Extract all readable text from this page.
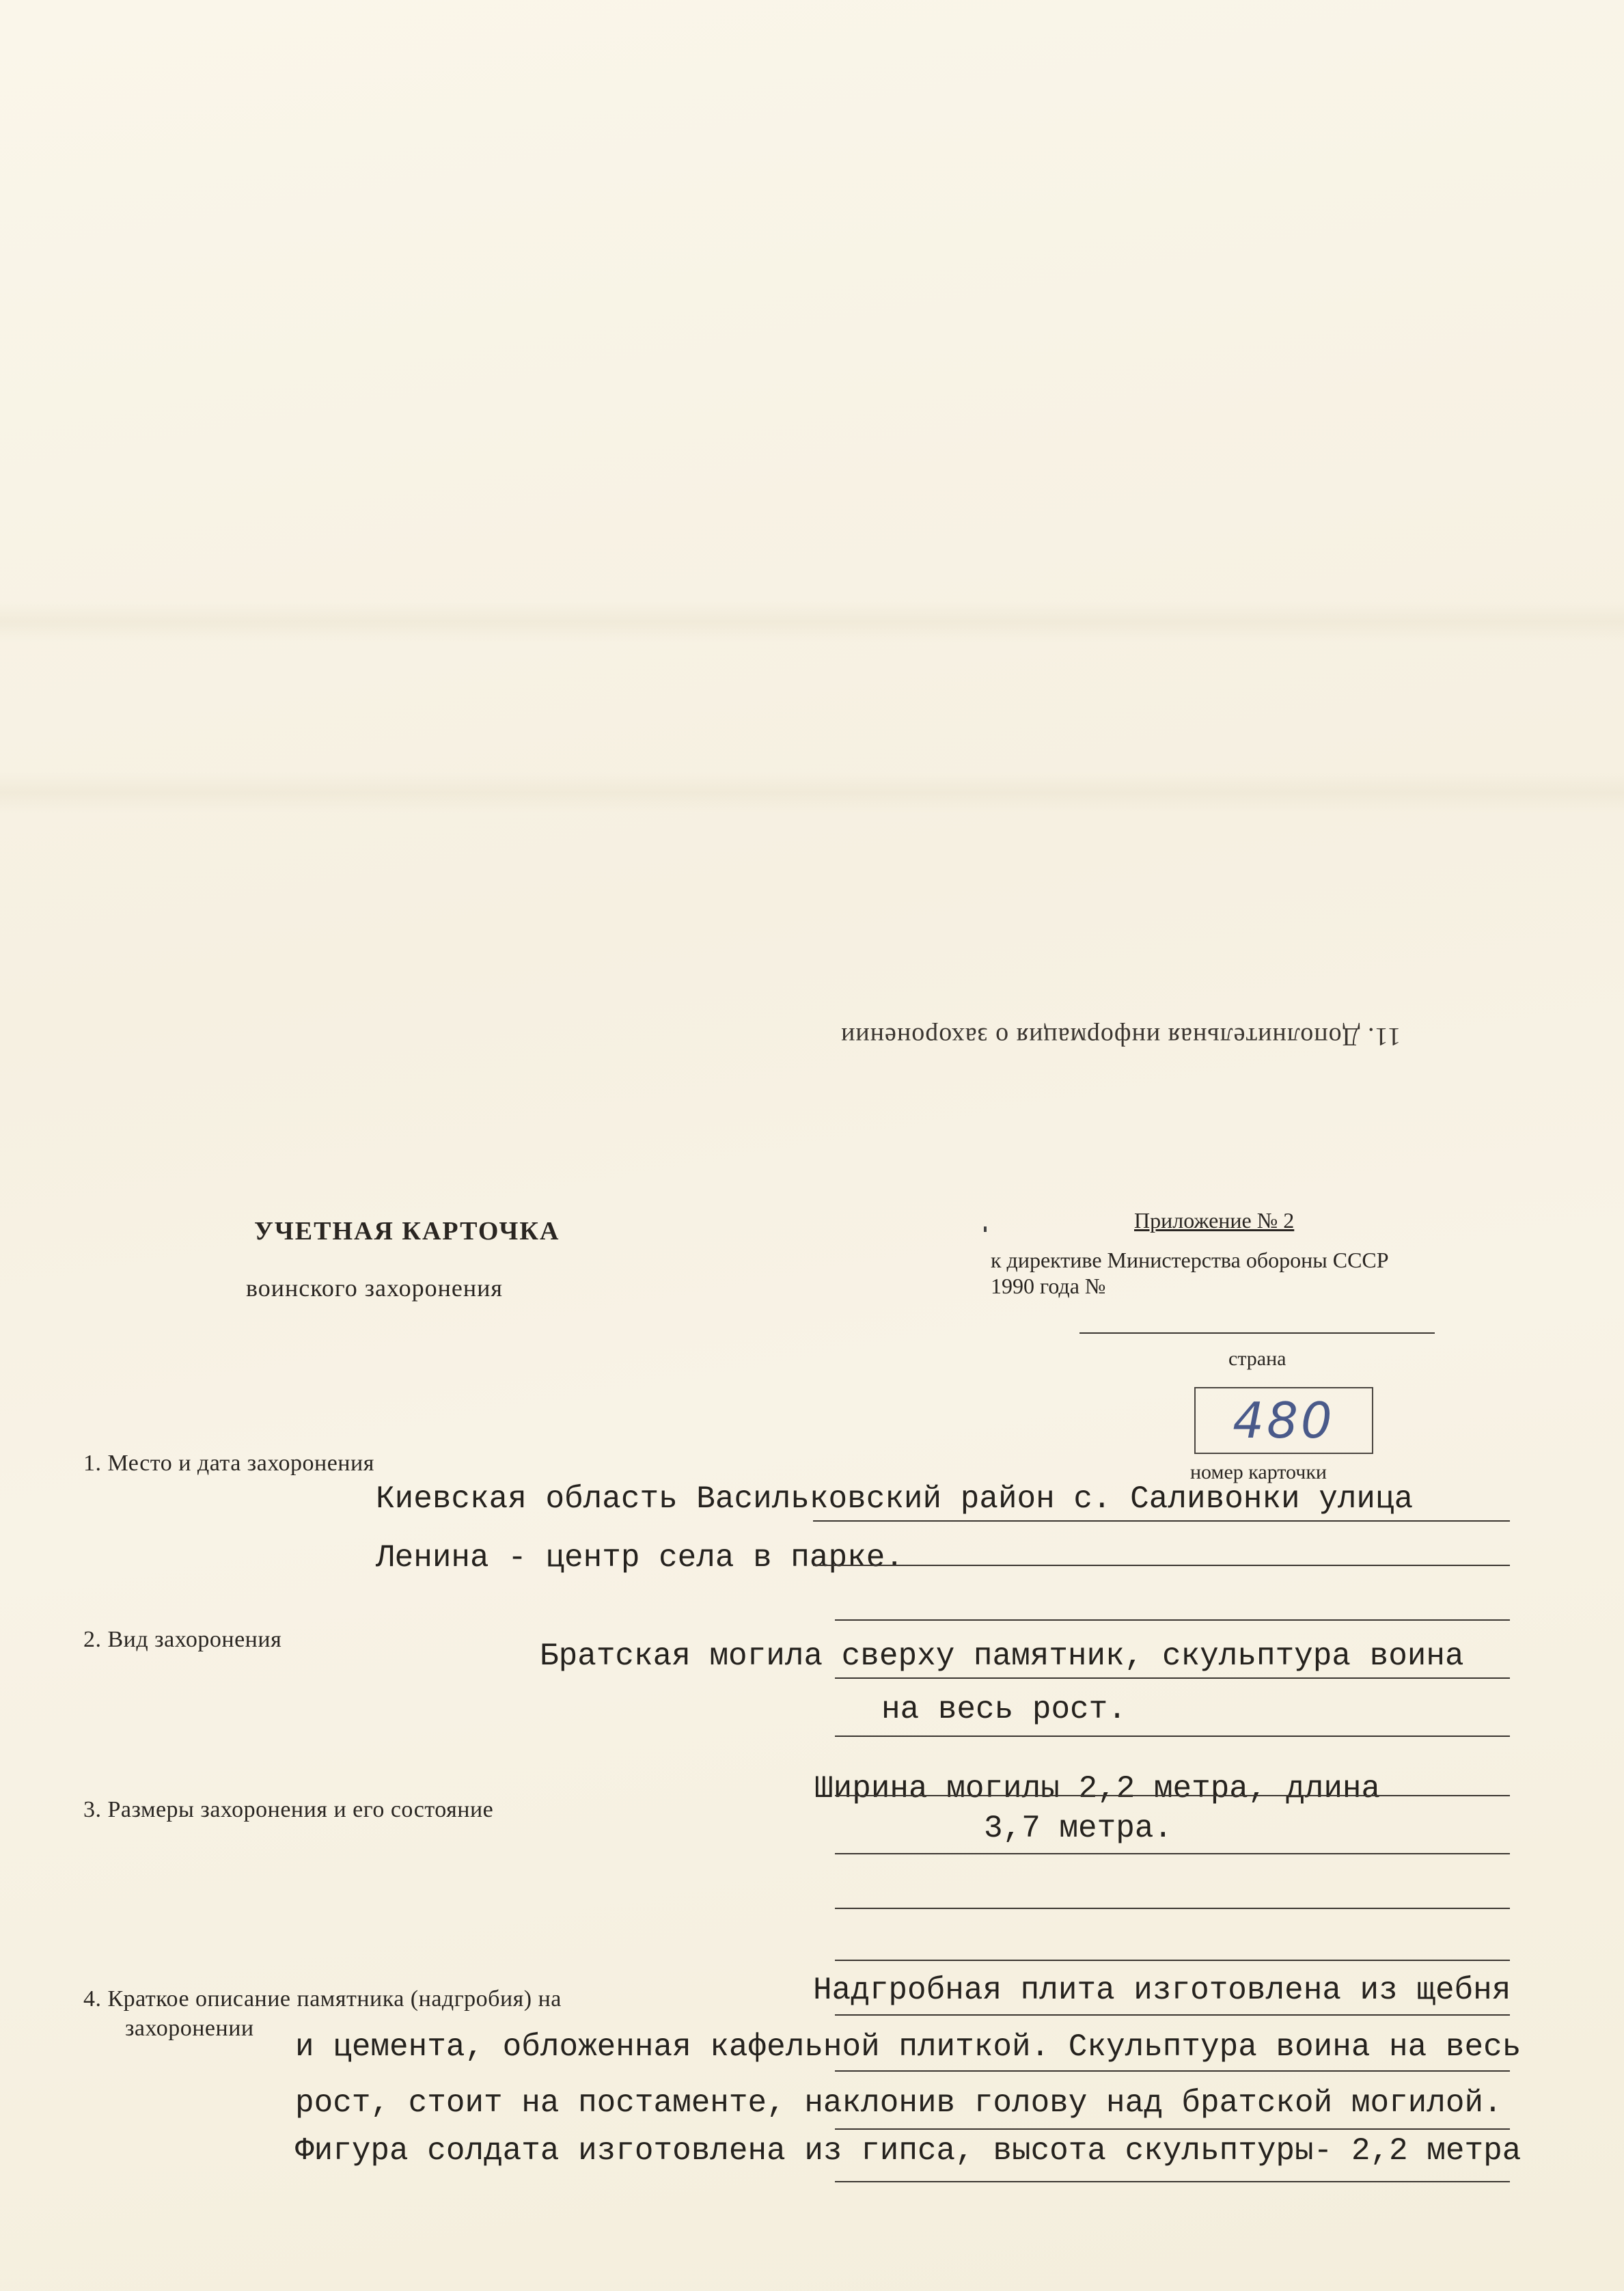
11. Дополнительная информация о захоронении
УЧЕТНАЯ КАРТОЧКА
воинского захоронения
Приложение № 2
к директиве Министерства обороны СССР
1990 года №
страна
480
номер карточки
1. Место и дата захоронения
Киевская область Васильковский район с. Саливонки улица
Ленина - центр села в парке.
2. Вид захоронения	Братская могила сверху памятник, скульптура воина
на весь рост.
3. Размеры захоронения и его состояние
Ширина могилы 2,2 метра, длина
3,7 метра.
4. Краткое описание памятника (надгробия) на
захоронении
Надгробная плита изготовлена из щебня
и цемента, обложенная кафельной плиткой. Скульптура воина на весь
рост, стоит на постаменте, наклонив голову над братской могилой.
Фигура солдата изготовлена из гипса, высота скульптуры- 2,2 метра
